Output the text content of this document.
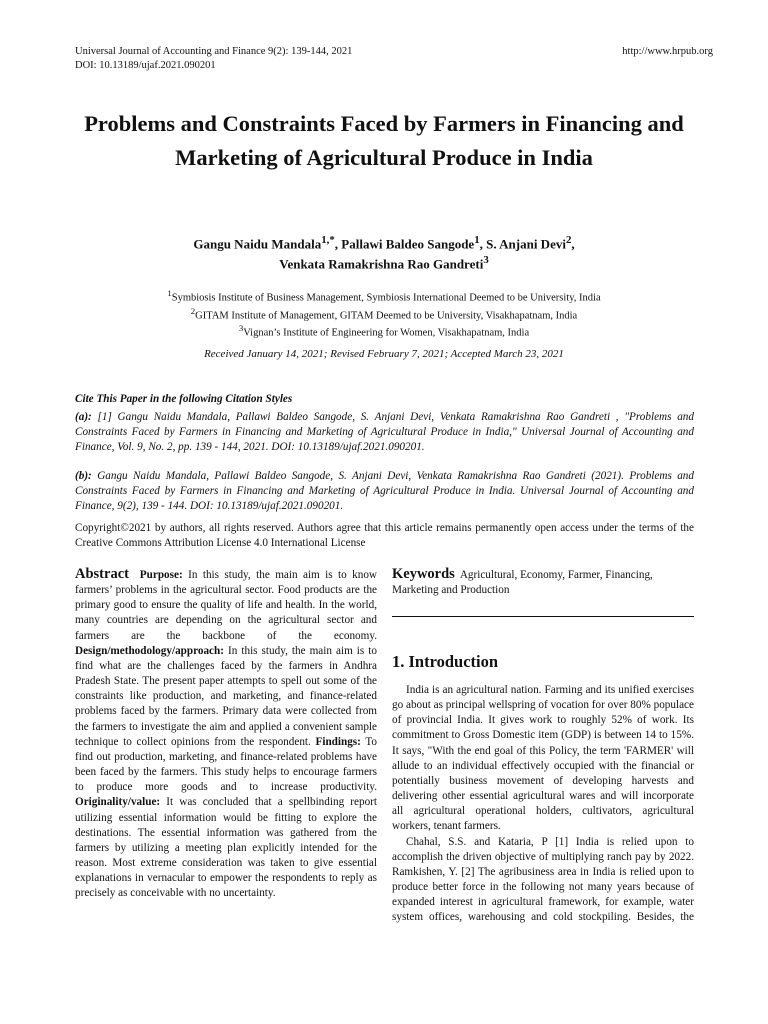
Universal Journal of Accounting and Finance 9(2): 139-144, 2021
DOI: 10.13189/ujaf.2021.090201
http://www.hrpub.org
Problems and Constraints Faced by Farmers in Financing and Marketing of Agricultural Produce in India
Gangu Naidu Mandala$^{1,*}$, Pallawi Baldeo Sangode$^1$, S. Anjani Devi$^2$,
Venkata Ramakrishna Rao Gandreti$^3$
$^1$Symbiosis Institute of Business Management, Symbiosis International Deemed to be University, India
$^2$GITAM Institute of Management, GITAM Deemed to be University, Visakhapatnam, India
$^3$Vignan’s Institute of Engineering for Women, Visakhapatnam, India
Received January 14, 2021; Revised February 7, 2021; Accepted March 23, 2021
Cite This Paper in the following Citation Styles
(a): [1] Gangu Naidu Mandala, Pallawi Baldeo Sangode, S. Anjani Devi, Venkata Ramakrishna Rao Gandreti , "Problems and Constraints Faced by Farmers in Financing and Marketing of Agricultural Produce in India," Universal Journal of Accounting and Finance, Vol. 9, No. 2, pp. 139 - 144, 2021. DOI: 10.13189/ujaf.2021.090201.
(b): Gangu Naidu Mandala, Pallawi Baldeo Sangode, S. Anjani Devi, Venkata Ramakrishna Rao Gandreti (2021). Problems and Constraints Faced by Farmers in Financing and Marketing of Agricultural Produce in India. Universal Journal of Accounting and Finance, 9(2), 139 - 144. DOI: 10.13189/ujaf.2021.090201.
Copyright©2021 by authors, all rights reserved. Authors agree that this article remains permanently open access under the terms of the Creative Commons Attribution License 4.0 International License
Abstract Purpose: In this study, the main aim is to know farmers’ problems in the agricultural sector. Food products are the primary good to ensure the quality of life and health. In the world, many countries are depending on the agricultural sector and farmers are the backbone of the economy. Design/methodology/approach: In this study, the main aim is to find what are the challenges faced by the farmers in Andhra Pradesh State. The present paper attempts to spell out some of the constraints like production, and marketing, and finance-related problems faced by the farmers. Primary data were collected from the farmers to investigate the aim and applied a convenient sample technique to collect opinions from the respondent. Findings: To find out production, marketing, and finance-related problems have been faced by the farmers. This study helps to encourage farmers to produce more goods and to increase productivity. Originality/value: It was concluded that a spellbinding report utilizing essential information would be fitting to explore the destinations. The essential information was gathered from the farmers by utilizing a meeting plan explicitly intended for the reason. Most extreme consideration was taken to give essential explanations in vernacular to empower the respondents to reply as precisely as conceivable with no uncertainty.
Keywords Agricultural, Economy, Farmer, Financing, Marketing and Production
1. Introduction

India is an agricultural nation. Farming and its unified exercises go about as principal wellspring of vocation for over 80% populace of provincial India. It gives work to roughly 52% of work. Its commitment to Gross Domestic item (GDP) is between 14 to 15%. It says, "With the end goal of this Policy, the term 'FARMER' will allude to an individual effectively occupied with the financial or potentially business movement of developing harvests and delivering other essential agricultural wares and will incorporate all agricultural operational holders, cultivators, agricultural workers, tenant farmers.

Chahal, S.S. and Kataria, P [1] India is relied upon to accomplish the driven objective of multiplying ranch pay by 2022. Ramkishen, Y. [2] The agribusiness area in India is relied upon to produce better force in the following not many years because of expanded interest in agricultural framework, for example, water system offices, warehousing and cold stockpiling. Besides, the
